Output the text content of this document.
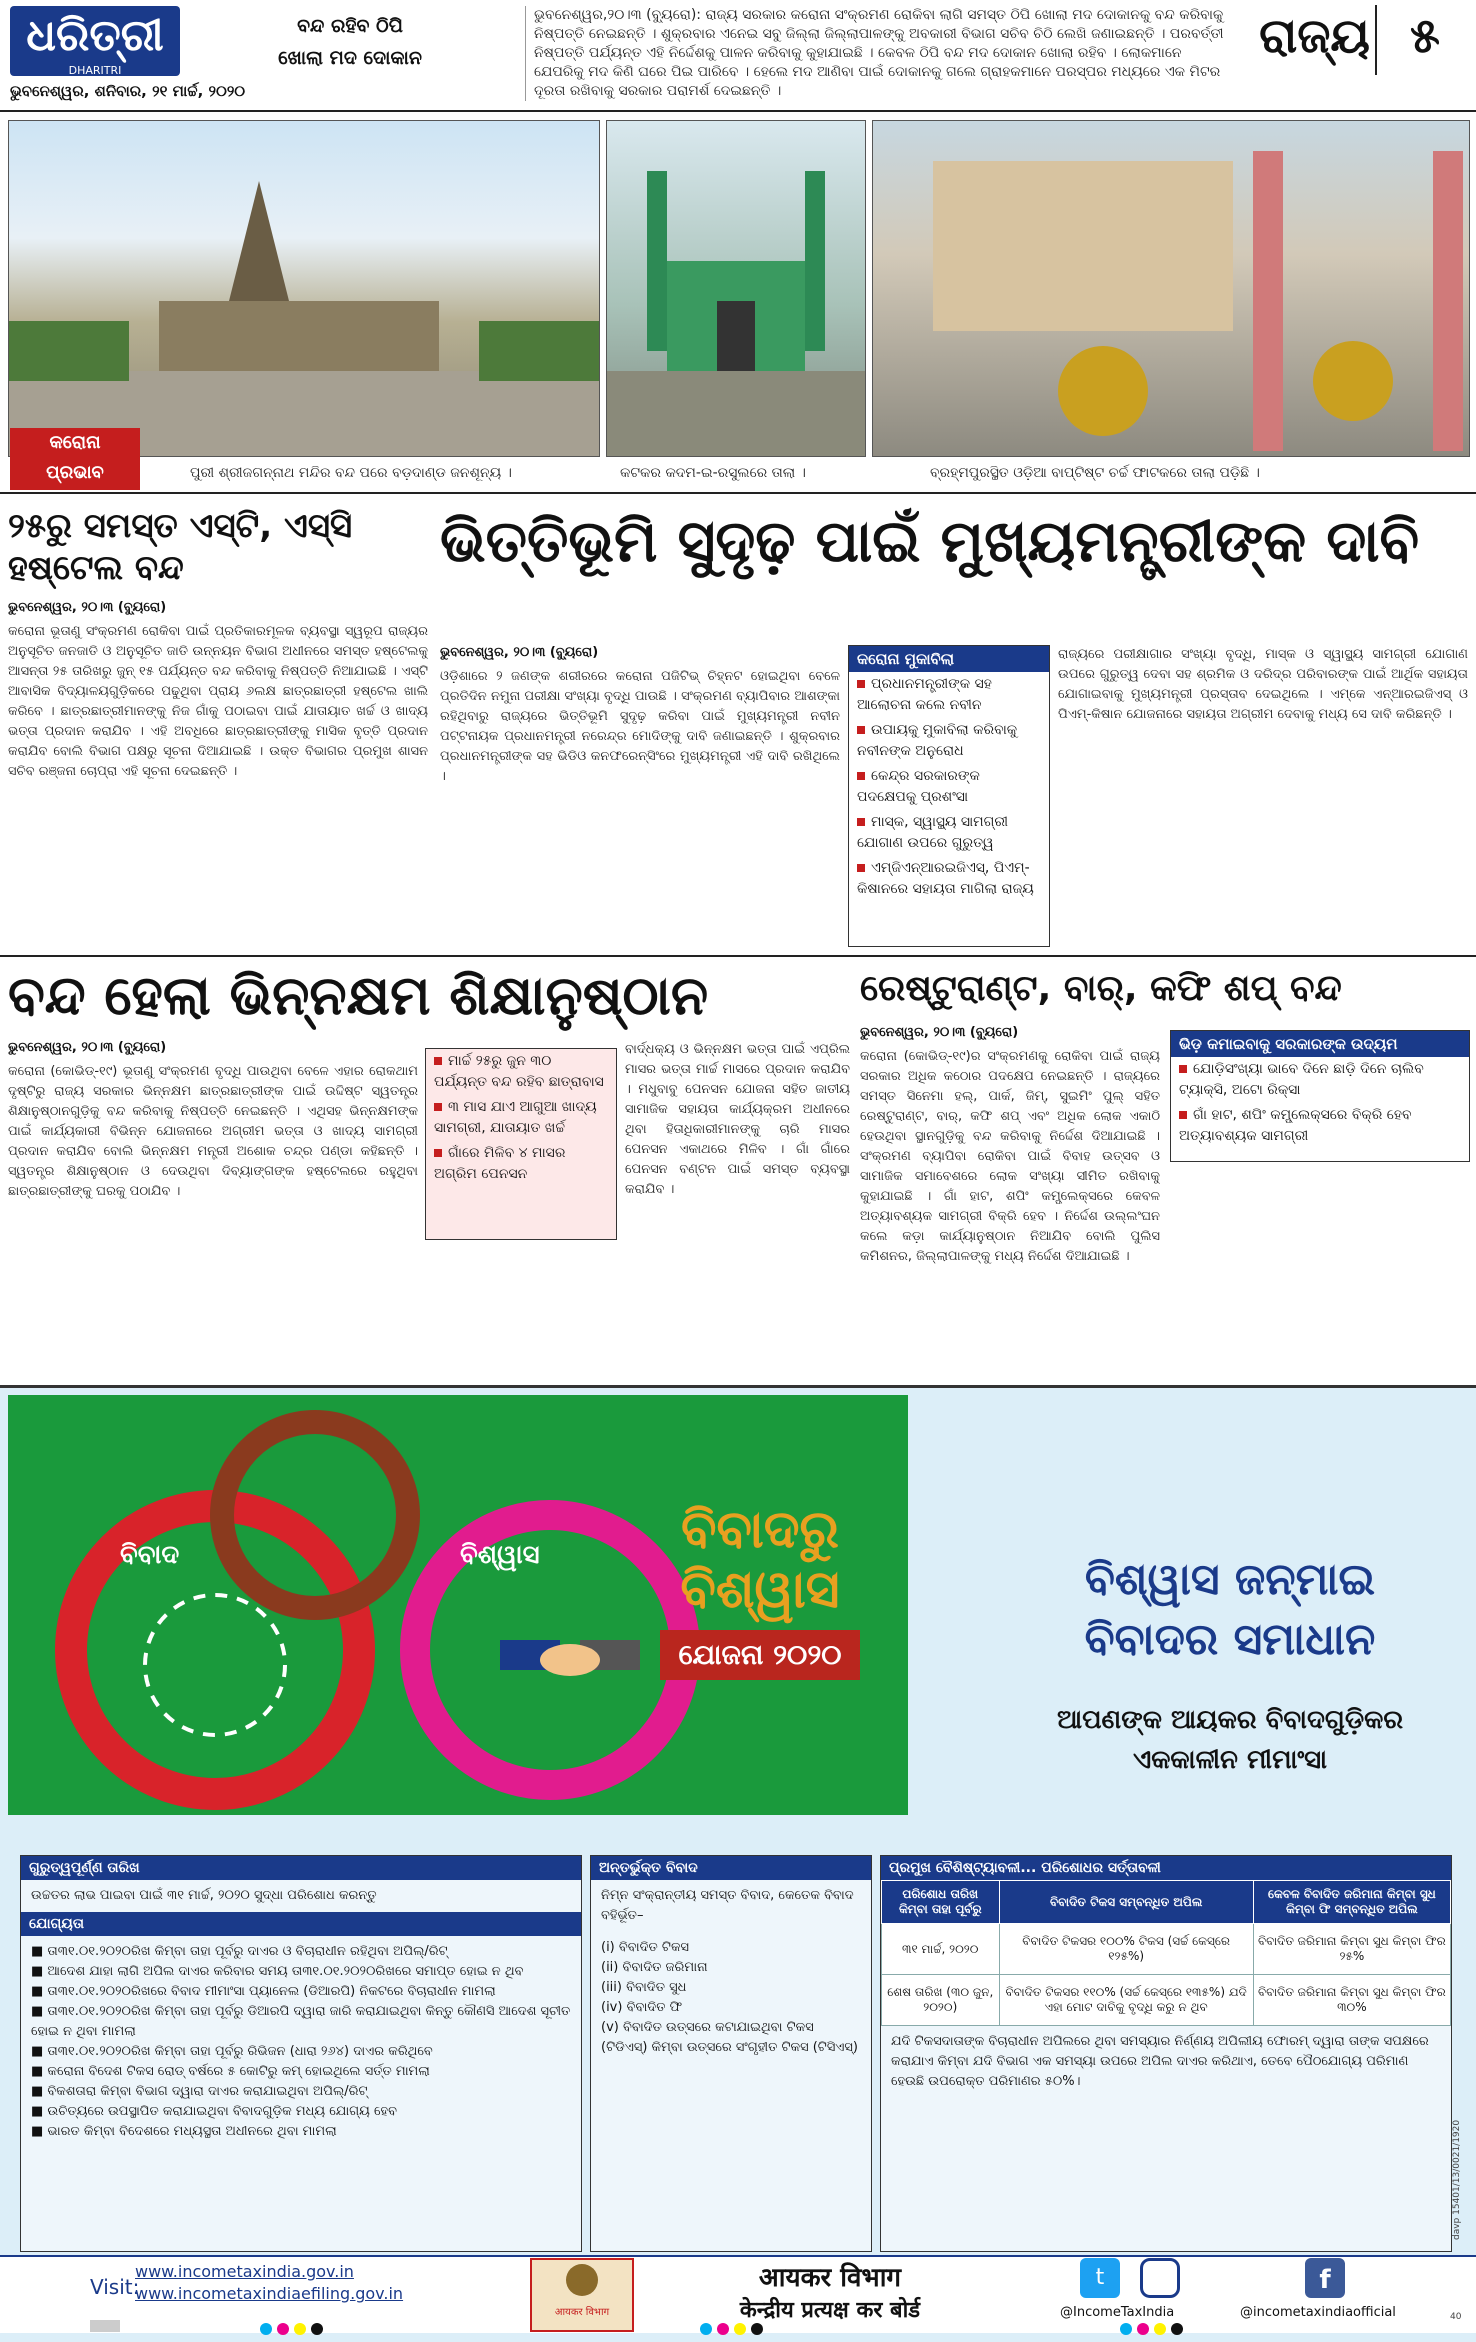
ଧରିତ୍ରୀ
DHARITRI
ଭୁବନେଶ୍ୱର, ଶନିବାର, ୨୧ ମାର୍ଚ୍ଚ, ୨୦୨୦
ବନ୍ଦ ରହିବ ଠିପି
ଖୋଲା ମଦ ଦୋକାନ
ଭୁବନେଶ୍ୱର,୨୦।୩ (ବ୍ୟୁରୋ): ରାଜ୍ୟ ସରକାର କରୋନା ସଂକ୍ରମଣ ରୋକିବା ଲାଗି ସମସ୍ତ ଠିପି ଖୋଲା ମଦ ଦୋକାନକୁ ବନ୍ଦ କରିବାକୁ ନିଷ୍ପତ୍ତି ନେଇଛନ୍ତି । ଶୁକ୍ରବାର ଏନେଇ ସବୁ ଜିଲ୍ଲା ଜିଲ୍ଲାପାଳଙ୍କୁ ଅବକାରୀ ବିଭାଗ ସଚିବ ଚିଠି ଲେଖି ଜଣାଇଛନ୍ତି । ପରବର୍ତ୍ତୀ ନିଷ୍ପତ୍ତି ପର୍ଯ୍ୟନ୍ତ ଏହି ନିର୍ଦ୍ଦେଶକୁ ପାଳନ କରିବାକୁ କୁହାଯାଇଛି । କେବଳ ଠିପି ବନ୍ଦ ମଦ ଦୋକାନ ଖୋଲା ରହିବ । ଲୋକମାନେ ଯେପରିକୁ ମଦ କିଣି ଘରେ ପିଇ ପାରିବେ । ହେଲେ ମଦ ଆଣିବା ପାଇଁ ଦୋକାନକୁ ଗଲେ ଗ୍ରାହକମାନେ ପରସ୍ପର ମଧ୍ୟରେ ଏକ ମିଟର ଦୂରତା ରଖିବାକୁ ସରକାର ପରାମର୍ଶ ଦେଇଛନ୍ତି ।
ରାଜ୍ୟ ୫
କରୋନା
ପ୍ରଭାବ	ପୁରୀ ଶ୍ରୀଜଗନ୍ନାଥ ମନ୍ଦିର ବନ୍ଦ ପରେ ବଡ଼ଦାଣ୍ଡ ଜନଶୂନ୍ୟ ।	କଟକର କଦମ-ଇ-ରସୁଲରେ ତାଲା ।	ବ୍ରହ୍ମପୁରସ୍ଥିତ ଓଡ଼ିଆ ବାପ୍ଟିଷ୍ଟ ଚର୍ଚ୍ଚ ଫାଟକରେ ତାଲା ପଡ଼ିଛି ।
୨୫ରୁ ସମସ୍ତ ଏସ୍‌ଟି, ଏସ୍‌ସି ହଷ୍ଟେଲ ବନ୍ଦ
ଭୁବନେଶ୍ୱର, ୨୦।୩ (ବ୍ୟୁରୋ)
କରୋନା ଭୂତାଣୁ ସଂକ୍ରମଣ ରୋକିବା ପାଇଁ ପ୍ରତିକାରମୂଳକ ବ୍ୟବସ୍ଥା ସ୍ୱରୂପ ରାଜ୍ୟର ଅନୁସୂଚିତ ଜନଜାତି ଓ ଅନୁସୂଚିତ ଜାତି ଉନ୍ନୟନ ବିଭାଗ ଅଧୀନରେ ସମସ୍ତ ହଷ୍ଟେଲକୁ ଆସନ୍ତା ୨୫ ତାରିଖରୁ ଜୁନ୍ ୧୫ ପର୍ଯ୍ୟନ୍ତ ବନ୍ଦ କରିବାକୁ ନିଷ୍ପତ୍ତି ନିଆଯାଇଛି । ଏସ୍ଟି ଆବାସିକ ବିଦ୍ୟାଳୟଗୁଡ଼ିକରେ ପଢୁଥିବା ପ୍ରାୟ ୬ଲକ୍ଷ ଛାତ୍ରଛାତ୍ରୀ ହଷ୍ଟେଲ ଖାଲି କରିବେ । ଛାତ୍ରଛାତ୍ରୀମାନଙ୍କୁ ନିଜ ଗାଁକୁ ପଠାଇବା ପାଇଁ ଯାତାୟାତ ଖର୍ଚ୍ଚ ଓ ଖାଦ୍ୟ ଭତ୍ତା ପ୍ରଦାନ କରାଯିବ । ଏହି ଅବଧିରେ ଛାତ୍ରଛାତ୍ରୀଙ୍କୁ ମାସିକ ବୃତ୍ତି ପ୍ରଦାନ କରାଯିବ ବୋଲି ବିଭାଗ ପକ୍ଷରୁ ସୂଚନା ଦିଆଯାଇଛି । ଉକ୍ତ ବିଭାଗର ପ୍ରମୁଖ ଶାସନ ସଚିବ ରଞ୍ଜନା ଚୋପ୍ରା ଏହି ସୂଚନା ଦେଇଛନ୍ତି ।
ଭିତ୍ତିଭୂମି ସୁଦୃଢ଼ ପାଇଁ ମୁଖ୍ୟମନ୍ତ୍ରୀଙ୍କ ଦାବି
ଭୁବନେଶ୍ୱର, ୨୦।୩ (ବ୍ୟୁରୋ)
ଓଡ଼ିଶାରେ ୨ ଜଣଙ୍କ ଶରୀରରେ କରୋନା ପଜିଟିଭ୍ ଚିହ୍ନଟ ହୋଇଥିବା ବେଳେ ପ୍ରତିଦିନ ନମୁନା ପରୀକ୍ଷା ସଂଖ୍ୟା ବୃଦ୍ଧି ପାଉଛି । ସଂକ୍ରମଣ ବ୍ୟାପିବାର ଆଶଙ୍କା ରହିଥିବାରୁ ରାଜ୍ୟରେ ଭିତ୍ତିଭୂମି ସୁଦୃଢ଼ କରିବା ପାଇଁ ମୁଖ୍ୟମନ୍ତ୍ରୀ ନବୀନ ପଟ୍ଟନାୟକ ପ୍ରଧାନମନ୍ତ୍ରୀ ନରେନ୍ଦ୍ର ମୋଦିଙ୍କୁ ଦାବି ଜଣାଇଛନ୍ତି । ଶୁକ୍ରବାର ପ୍ରଧାନମନ୍ତ୍ରୀଙ୍କ ସହ ଭିଡିଓ କନଫରେନ୍ସିଂରେ ମୁଖ୍ୟମନ୍ତ୍ରୀ ଏହି ଦାବି ରଖିଥିଲେ ।
କରୋନା ମୁକାବିଲା
ପ୍ରଧାନମନ୍ତ୍ରୀଙ୍କ ସହ ଆଲୋଚନା କଲେ ନବୀନ
ଉପାୟକୁ ମୁକାବିଲା କରିବାକୁ ନବୀନଙ୍କ ଅନୁରୋଧ
କେନ୍ଦ୍ର ସରକାରଙ୍କ ପଦକ୍ଷେପକୁ ପ୍ରଶଂସା
ମାସ୍କ, ସ୍ୱାସ୍ଥ୍ୟ ସାମଗ୍ରୀ ଯୋଗାଣ ଉପରେ ଗୁରୁତ୍ୱ
ଏମ୍‌ଜିଏନ୍‌ଆରଇଜିଏସ୍, ପିଏମ୍‌-କିଷାନରେ ସହାୟତା ମାଗିଲା ରାଜ୍ୟ
ରାଜ୍ୟରେ ପରୀକ୍ଷାଗାର ସଂଖ୍ୟା ବୃଦ୍ଧି, ମାସ୍କ ଓ ସ୍ୱାସ୍ଥ୍ୟ ସାମଗ୍ରୀ ଯୋଗାଣ ଉପରେ ଗୁରୁତ୍ୱ ଦେବା ସହ ଶ୍ରମିକ ଓ ଦରିଦ୍ର ପରିବାରଙ୍କ ପାଇଁ ଆର୍ଥିକ ସହାୟତା ଯୋଗାଇବାକୁ ମୁଖ୍ୟମନ୍ତ୍ରୀ ପ୍ରସ୍ତାବ ଦେଇଥିଲେ । ଏମ୍‌କେ ଏନ୍‌ଆରଇଜିଏସ୍ ଓ ପିଏମ୍‌-କିଷାନ ଯୋଜନାରେ ସହାୟତା ଅଗ୍ରୀମ ଦେବାକୁ ମଧ୍ୟ ସେ ଦାବି କରିଛନ୍ତି ।
ବନ୍ଦ ହେଲା ଭିନ୍ନକ୍ଷମ ଶିକ୍ଷାନୁଷ୍ଠାନ
ଭୁବନେଶ୍ୱର, ୨୦।୩ (ବ୍ୟୁରୋ)
କରୋନା (କୋଭିଡ୍‌-୧୯) ଭୂତାଣୁ ସଂକ୍ରମଣ ବୃଦ୍ଧି ପାଉଥିବା ବେଳେ ଏହାର ରୋକଥାମ ଦୃଷ୍ଟିରୁ ରାଜ୍ୟ ସରକାର ଭିନ୍ନକ୍ଷମ ଛାତ୍ରଛାତ୍ରୀଙ୍କ ପାଇଁ ଉଦ୍ଦିଷ୍ଟ ସ୍ୱତନ୍ତ୍ର ଶିକ୍ଷାନୁଷ୍ଠାନଗୁଡ଼ିକୁ ବନ୍ଦ କରିବାକୁ ନିଷ୍ପତ୍ତି ନେଇଛନ୍ତି । ଏଥିସହ ଭିନ୍ନକ୍ଷମଙ୍କ ପାଇଁ କାର୍ଯ୍ୟକାରୀ ବିଭିନ୍ନ ଯୋଜନାରେ ଅଗ୍ରୀମ ଭତ୍ତା ଓ ଖାଦ୍ୟ ସାମଗ୍ରୀ ପ୍ରଦାନ କରାଯିବ ବୋଲି ଭିନ୍ନକ୍ଷମ ମନ୍ତ୍ରୀ ଅଶୋକ ଚନ୍ଦ୍ର ପଣ୍ଡା କହିଛନ୍ତି । ସ୍ୱତନ୍ତ୍ର ଶିକ୍ଷାନୁଷ୍ଠାନ ଓ ଦେଉଥିବା ଦିବ୍ୟାଙ୍ଗଙ୍କ ହଷ୍ଟେଲରେ ରହୁଥିବା ଛାତ୍ରଛାତ୍ରୀଙ୍କୁ ଘରକୁ ପଠାଯିବ ।
ମାର୍ଚ୍ଚ ୨୫ରୁ ଜୁନ ୩୦ ପର୍ଯ୍ୟନ୍ତ ବନ୍ଦ ରହିବ ଛାତ୍ରାବାସ
୩ ମାସ ଯାଏ ଆଗୁଆ ଖାଦ୍ୟ ସାମଗ୍ରୀ, ଯାତାୟାତ ଖର୍ଚ୍ଚ
ଗାଁରେ ମିଳିବ ୪ ମାସର ଅଗ୍ରିମ ପେନସନ
ବାର୍ଦ୍ଧକ୍ୟ ଓ ଭିନ୍ନକ୍ଷମ ଭତ୍ତା ପାଇଁ ଏପ୍ରିଲ ମାସର ଭତ୍ତା ମାର୍ଚ୍ଚ ମାସରେ ପ୍ରଦାନ କରାଯିବ । ମଧୁବାବୁ ପେନସନ ଯୋଜନା ସହିତ ଜାତୀୟ ସାମାଜିକ ସହାୟତା କାର୍ଯ୍ୟକ୍ରମ ଅଧୀନରେ ଥିବା ହିତାଧିକାରୀମାନଙ୍କୁ ଚାରି ମାସର ପେନସନ ଏକାଥରେ ମିଳିବ । ଗାଁ ଗାଁରେ ପେନସନ ବଣ୍ଟନ ପାଇଁ ସମସ୍ତ ବ୍ୟବସ୍ଥା କରାଯିବ ।
ରେଷ୍ଟୁରାଣ୍ଟ, ବାର୍, କଫି ଶପ୍ ବନ୍ଦ
ଭୁବନେଶ୍ୱର, ୨୦।୩ (ବ୍ୟୁରୋ)
କରୋନା (କୋଭିଡ୍-୧୯)ର ସଂକ୍ରମଣକୁ ରୋକିବା ପାଇଁ ରାଜ୍ୟ ସରକାର ଅଧିକ କଠୋର ପଦକ୍ଷେପ ନେଇଛନ୍ତି । ରାଜ୍ୟରେ ସମସ୍ତ ସିନେମା ହଲ୍, ପାର୍କ, ଜିମ୍, ସୁଇମିଂ ପୁଲ୍ ସହିତ ରେଷ୍ଟୁରାଣ୍ଟ, ବାର୍, କଫି ଶପ୍ ଏବଂ ଅଧିକ ଲୋକ ଏକାଠି ହେଉଥିବା ସ୍ଥାନଗୁଡ଼ିକୁ ବନ୍ଦ କରିବାକୁ ନିର୍ଦ୍ଦେଶ ଦିଆଯାଇଛି । ସଂକ୍ରମଣ ବ୍ୟାପିବା ରୋକିବା ପାଇଁ ବିବାହ ଉତ୍ସବ ଓ ସାମାଜିକ ସମାବେଶରେ ଲୋକ ସଂଖ୍ୟା ସୀମିତ ରଖିବାକୁ କୁହାଯାଇଛି । ଗାଁ ହାଟ, ଶପିଂ କମ୍ପ୍ଲେକ୍ସରେ କେବଳ ଅତ୍ୟାବଶ୍ୟକ ସାମଗ୍ରୀ ବିକ୍ରି ହେବ । ନିର୍ଦ୍ଦେଶ ଉଲ୍ଲଂଘନ କଲେ କଡ଼ା କାର୍ଯ୍ୟାନୁଷ୍ଠାନ ନିଆଯିବ ବୋଲି ପୁଲିସ କମିଶନର, ଜିଲ୍ଲାପାଳଙ୍କୁ ମଧ୍ୟ ନିର୍ଦ୍ଦେଶ ଦିଆଯାଇଛି ।
ଭିଡ଼ କମାଇବାକୁ ସରକାରଙ୍କ ଉଦ୍ୟମ
ଯୋଡ଼ିସଂଖ୍ୟା ଭାବେ ଦିନେ ଛାଡ଼ି ଦିନେ ଚାଲିବ ଟ୍ୟାକ୍ସି, ଅଟୋ ରିକ୍ସା
ଗାଁ ହାଟ, ଶପିଂ କମ୍ପ୍ଲେକ୍ସରେ ବିକ୍ରି ହେବ ଅତ୍ୟାବଶ୍ୟକ ସାମଗ୍ରୀ
ବିବାଦ	ବିଶ୍ୱାସ	ବିବାଦରୁ
ବିଶ୍ୱାସ
ଯୋଜନା ୨୦୨୦
ବିଶ୍ୱାସ ଜନ୍ମାଇ
ବିବାଦର ସମାଧାନ
ଆପଣଙ୍କ ଆୟକର ବିବାଦଗୁଡ଼ିକର
ଏକକାଳୀନ ମୀମାଂସା
ଗୁରୁତ୍ୱପୂର୍ଣ୍ଣ ତାରିଖ
ଉଚ୍ଚତର ଲାଭ ପାଇବା ପାଇଁ ୩୧ ମାର୍ଚ୍ଚ, ୨୦୨୦ ସୁଦ୍ଧା ପରିଶୋଧ କରନ୍ତୁ
ଯୋଗ୍ୟତା
■ ତା୩୧.୦୧.୨୦୨୦ରିଖ କିମ୍ବା ତାହା ପୂର୍ବରୁ ଦାଏର ଓ ବିଚାରାଧୀନ ରହିଥିବା ଅପିଲ୍/ରିଟ୍
■ ଆଦେଶ ଯାହା ଲାଗି ଅପିଲ ଦାଏର କରିବାର ସମୟ ତା୩୧.୦୧.୨୦୨୦ରିଖରେ ସମାପ୍ତ ହୋଇ ନ ଥିବ
■ ତା୩୧.୦୧.୨୦୨୦ରିଖରେ ବିବାଦ ମୀମାଂସା ପ୍ୟାନେଲ (ଡିଆରପି) ନିକଟରେ ବିଚାରାଧୀନ ମାମଲା
■ ତା୩୧.୦୧.୨୦୨୦ରିଖ କିମ୍ବା ତାହା ପୂର୍ବରୁ ଡିଆରପି ଦ୍ୱାରା ଜାରି କରାଯାଇଥିବା କିନ୍ତୁ କୌଣସି ଆଦେଶ ସୂଚୀତ ହୋଇ ନ ଥିବା ମାମଲା
■ ତା୩୧.୦୧.୨୦୨୦ରିଖ କିମ୍ବା ତାହା ପୂର୍ବରୁ ରିଭିଜନ (ଧାରା ୨୬୪) ଦାଏର କରିଥିବେ
■ କରୋନା ବିଦେଶ ଟିକସ ରୋଡ୍ ବର୍ଷରେ ୫ କୋଟିରୁ କମ୍ ହୋଇଥିଲେ ସର୍ତ୍ତ ମାମଲା
■ ବିକଶତାରା କିମ୍ବା ବିଭାଗ ଦ୍ୱାରା ଦାଏର କରାଯାଇଥିବା ଅପିଲ୍/ରିଟ୍
■ ଉଚିତ୍ୟରେ ଉପସ୍ଥାପିତ କରାଯାଇଥିବା ବିବାଦଗୁଡ଼ିକ ମଧ୍ୟ ଯୋଗ୍ୟ ହେବ
■ ଭାରତ କିମ୍ବା ବିଦେଶରେ ମଧ୍ୟସ୍ଥତା ଅଧୀନରେ ଥିବା ମାମଲା
ଅନ୍ତର୍ଭୁକ୍ତ ବିବାଦ
ନିମ୍ନ ସଂକ୍ରାନ୍ତୀୟ ସମସ୍ତ ବିବାଦ, କେତେକ ବିବାଦ ବହିର୍ଭୂତ–
(i) ବିବାଦିତ ଟିକସ
(ii) ବିବାଦିତ ଜରିମାନା
(iii) ବିବାଦିତ ସୁଧ
(iv) ବିବାଦିତ ଫି
(v) ବିବାଦିତ ଉତ୍ସରେ କଟାଯାଇଥିବା ଟିକସ (ଟିଡିଏସ୍) କିମ୍ବା ଉତ୍ସରେ ସଂଗୃହୀତ ଟିକସ (ଟିସିଏସ୍)
ପ୍ରମୁଖ ବୈଶିଷ୍ଟ୍ୟାବଳୀ... ପରିଶୋଧର ସର୍ତ୍ତାବଳୀ
ପରିଶୋଧ ତାରିଖ କିମ୍ବା ତାହା ପୂର୍ବରୁ	ବିବାଦିତ ଟିକସ ସମ୍ବନ୍ଧିତ ଅପିଲ	କେବଳ ବିବାଦିତ ଜରିମାନା କିମ୍ବା ସୁଧ କିମ୍ବା ଫି ସମ୍ବନ୍ଧିତ ଅପିଲ
୩୧ ମାର୍ଚ୍ଚ, ୨୦୨୦	ବିବାଦିତ ଟିକସର ୧୦୦% ଟିକସ (ସର୍ଚ୍ଚ କେସ୍‌ରେ ୧୨୫%)	ବିବାଦିତ ଜରିମାନା କିମ୍ବା ସୁଧ କିମ୍ବା ଫିର ୨୫%
ଶେଷ ତାରିଖ (୩୦ ଜୁନ, ୨୦୨୦)	ବିବାଦିତ ଟିକସର ୧୧୦% (ସର୍ଚ୍ଚ କେସ୍‌ରେ ୧୩୫%) ଯଦି ଏହା ମୋଟ ଦାବିକୁ ବୃଦ୍ଧି କରୁ ନ ଥିବ	ବିବାଦିତ ଜରିମାନା କିମ୍ବା ସୁଧ କିମ୍ବା ଫିର ୩୦%
ଯଦି ଟିକସଦାତାଙ୍କ ବିଚାରାଧୀନ ଅପିଲରେ ଥିବା ସମସ୍ୟାର ନିର୍ଣ୍ଣୟ ଅପିଲୀୟ ଫୋରମ୍ ଦ୍ୱାରା ତାଙ୍କ ସପକ୍ଷରେ କରାଯାଏ କିମ୍ବା ଯଦି ବିଭାଗ ଏକ ସମସ୍ୟା ଉପରେ ଅପିଲ ଦାଏର କରିଥାଏ, ତେବେ ପୈଠଯୋଗ୍ୟ ପରିମାଣ ହେଉଛି ଉପରୋକ୍ତ ପରିମାଣର ୫୦%।
davp 15401/13/0021/1920
Visit:
www.incometaxindia.gov.in
www.incometaxindiaefiling.gov.in
आयकर विभाग
आयकर विभाग
केन्द्रीय प्रत्यक्ष कर बोर्ड
t
@IncomeTaxIndia
f
@incometaxindiaofficial	40
